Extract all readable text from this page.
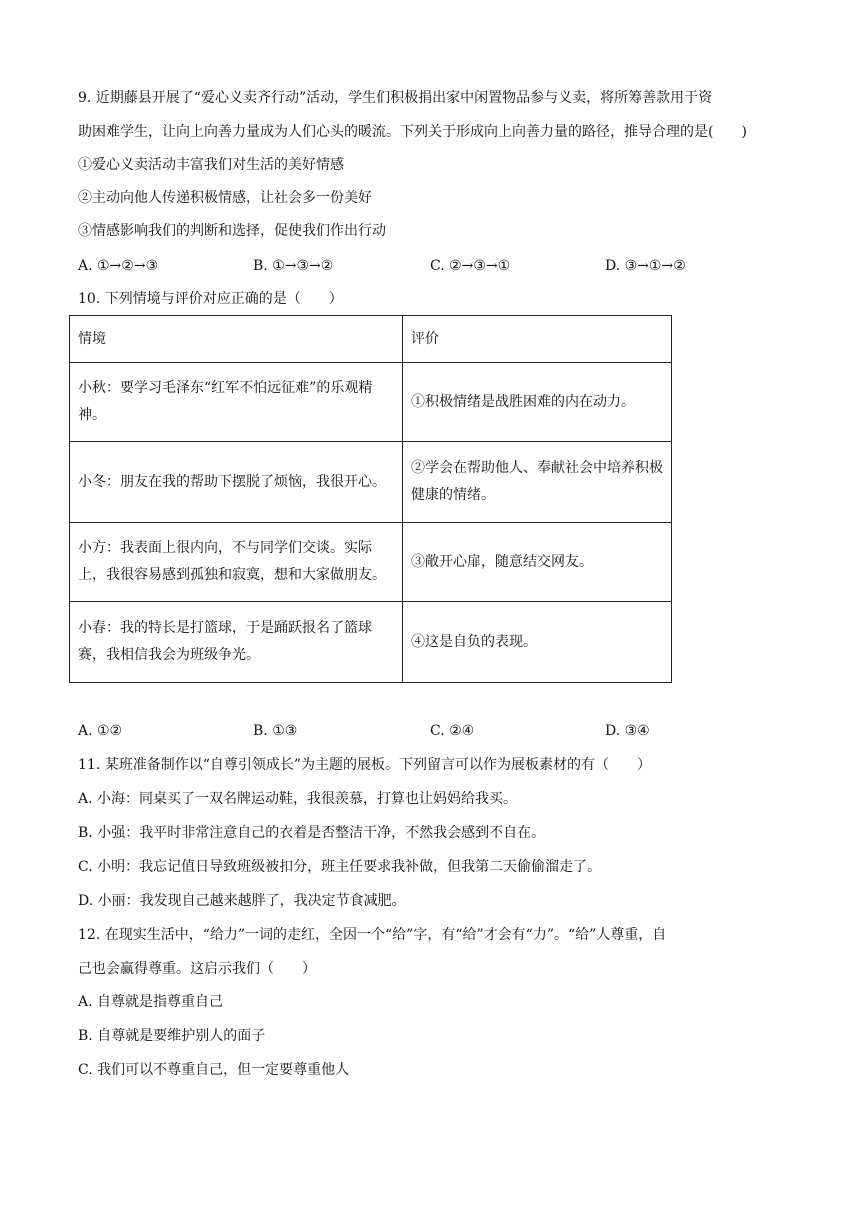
9. 近期藤县开展了“爱心义卖齐行动”活动，学生们积极捐出家中闲置物品参与义卖，将所筹善款用于资
助困难学生，让向上向善力量成为人们心头的暖流。下列关于形成向上向善力量的路径，推导合理的是(　　)
①爱心义卖活动丰富我们对生活的美好情感
②主动向他人传递积极情感，让社会多一份美好
③情感影响我们的判断和选择，促使我们作出行动
A. ①→②→③	B. ①→③→②	C. ②→③→①	D. ③→①→②
10. 下列情境与评价对应正确的是（　　）
情境	评价
小秋：要学习毛泽东“红军不怕远征难”的乐观精神。	①积极情绪是战胜困难的内在动力。
小冬：朋友在我的帮助下摆脱了烦恼，我很开心。	②学会在帮助他人、奉献社会中培养积极健康的情绪。
小方：我表面上很内向，不与同学们交谈。实际上，我很容易感到孤独和寂寞，想和大家做朋友。	③敞开心扉，随意结交网友。
小春：我的特长是打篮球，于是踊跃报名了篮球赛，我相信我会为班级争光。	④这是自负的表现。
A. ①②	B. ①③	C. ②④	D. ③④
11. 某班准备制作以“自尊引领成长”为主题的展板。下列留言可以作为展板素材的有（　　）
A. 小海：同桌买了一双名牌运动鞋，我很羡慕，打算也让妈妈给我买。
B. 小强：我平时非常注意自己的衣着是否整洁干净，不然我会感到不自在。
C. 小明：我忘记值日导致班级被扣分，班主任要求我补做，但我第二天偷偷溜走了。
D. 小丽：我发现自己越来越胖了，我决定节食减肥。
12. 在现实生活中，“给力”一词的走红，全因一个“给”字，有“给”才会有“力”。“给”人尊重，自
己也会赢得尊重。这启示我们（　　）
A. 自尊就是指尊重自己
B. 自尊就是要维护别人的面子
C. 我们可以不尊重自己，但一定要尊重他人
